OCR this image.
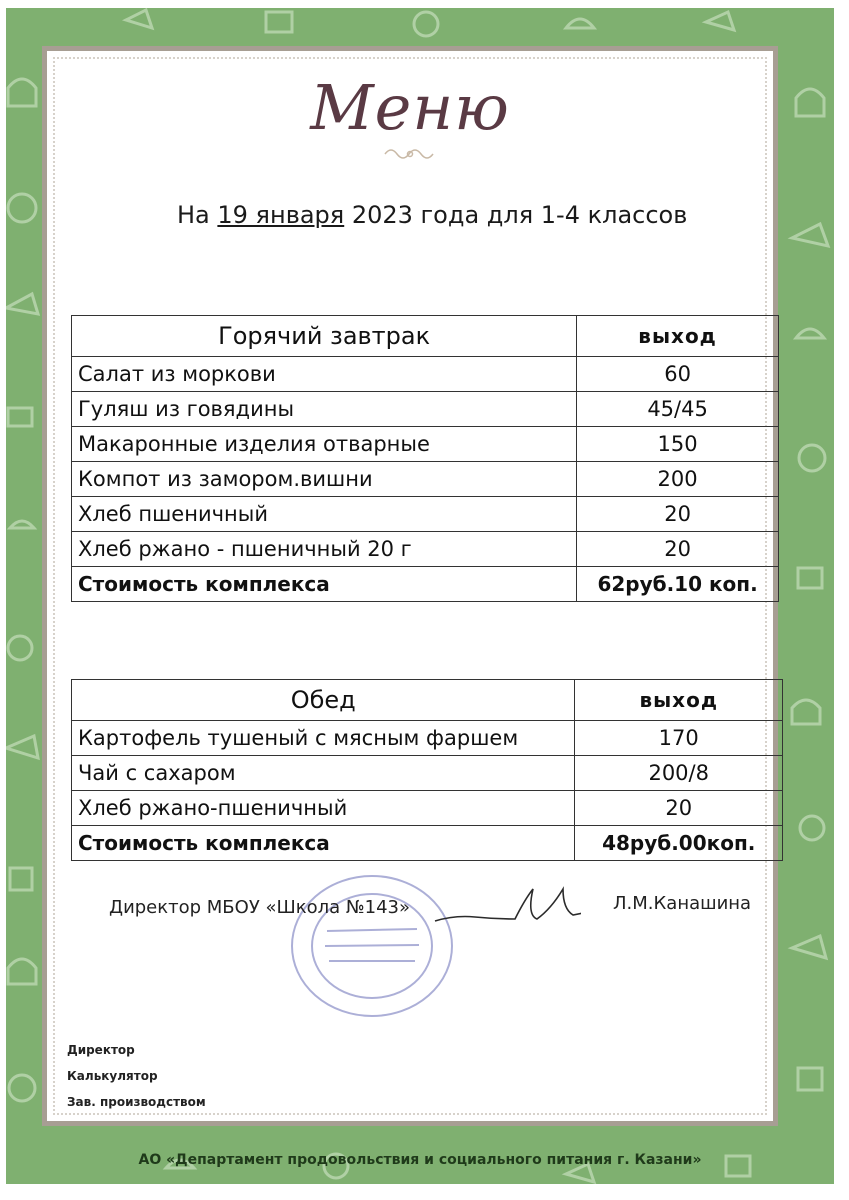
Меню
На 19 января 2023 года для 1-4 классов
Горячий завтрак	выход
Салат из моркови	60
Гуляш из говядины	45/45
Макаронные изделия отварные	150
Компот из замором.вишни	200
Хлеб пшеничный	20
Хлеб ржано - пшеничный 20 г	20
Стоимость комплекса	62руб.10 коп.
Обед	выход
Картофель тушеный с мясным фаршем	170
Чай с сахаром	200/8
Хлеб ржано-пшеничный	20
Стоимость комплекса	48руб.00коп.
Директор МБОУ «Школа №143»	Л.М.Канашина
Директор
Калькулятор
Зав. производством
АО «Департамент продовольствия и социального питания г. Казани»
